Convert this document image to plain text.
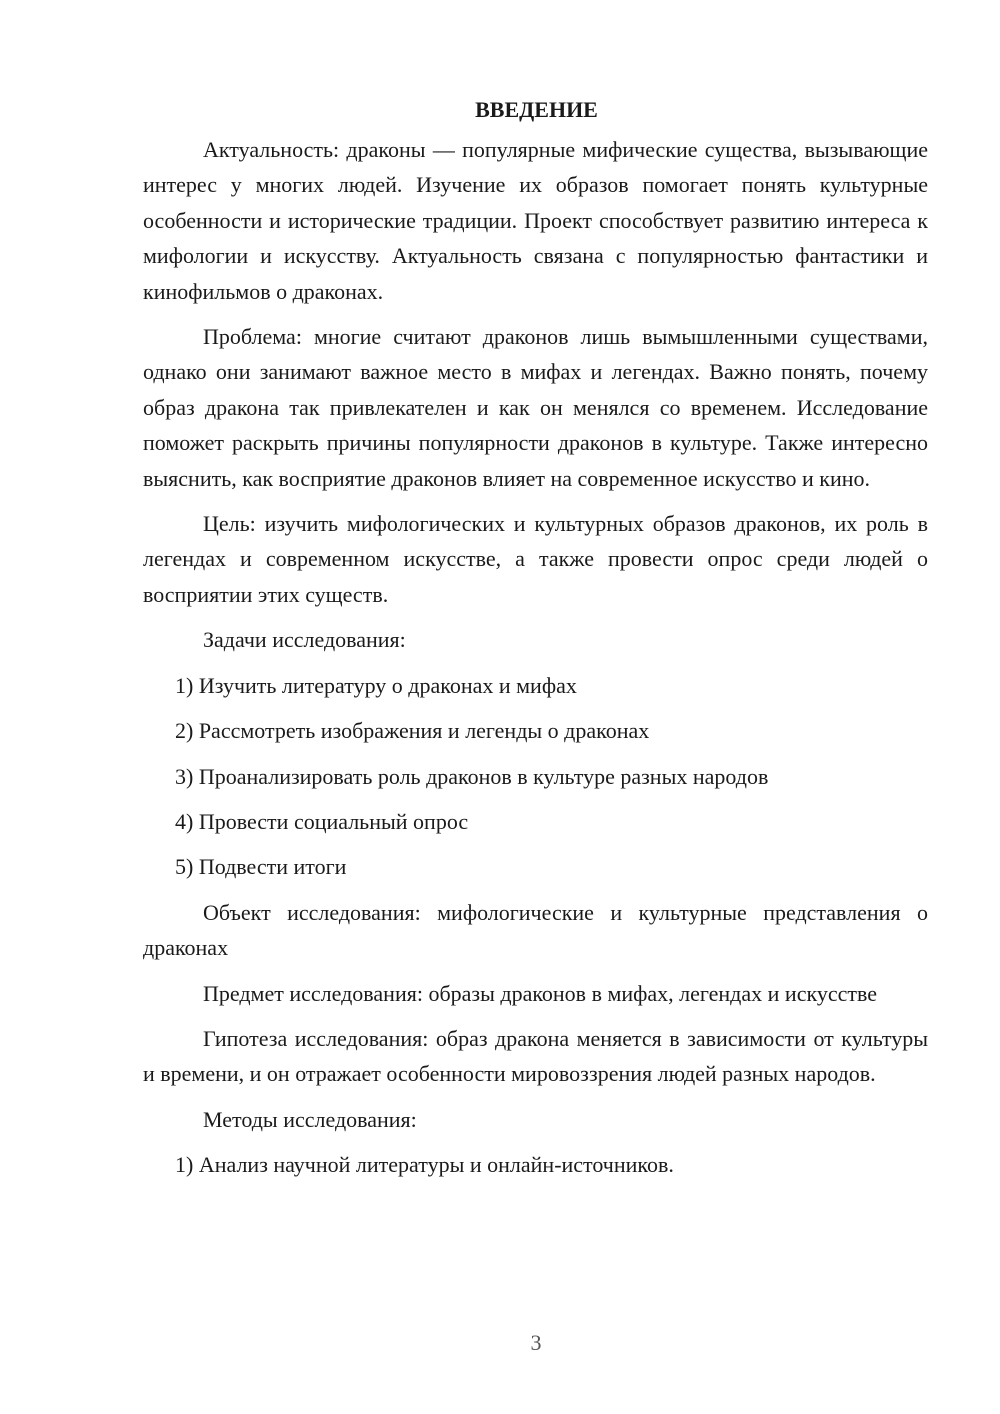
ВВЕДЕНИЕ

Актуальность: драконы — популярные мифические существа, вызывающие интерес у многих людей. Изучение их образов помогает понять культурные особенности и исторические традиции. Проект способствует развитию интереса к мифологии и искусству. Актуальность связана с популярностью фантастики и кинофильмов о драконах.

Проблема: многие считают драконов лишь вымышленными существами, однако они занимают важное место в мифах и легендах. Важно понять, почему образ дракона так привлекателен и как он менялся со временем. Исследование поможет раскрыть причины популярности драконов в культуре. Также интересно выяснить, как восприятие драконов влияет на современное искусство и кино.

Цель: изучить мифологических и культурных образов драконов, их роль в легендах и современном искусстве, а также провести опрос среди людей о восприятии этих существ.

Задачи исследования:

1) Изучить литературу о драконах и мифах
2) Рассмотреть изображения и легенды о драконах
3) Проанализировать роль драконов в культуре разных народов
4) Провести социальный опрос
5) Подвести итоги

Объект исследования: мифологические и культурные представления о драконах

Предмет исследования: образы драконов в мифах, легендах и искусстве

Гипотеза исследования: образ дракона меняется в зависимости от культуры и времени, и он отражает особенности мировоззрения людей разных народов.

Методы исследования:

1) Анализ научной литературы и онлайн-источников.
3
